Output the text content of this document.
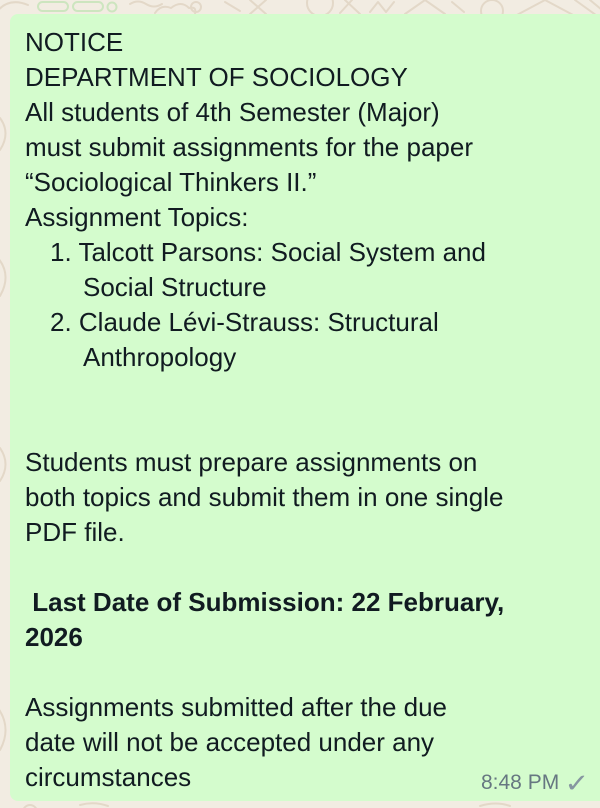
NOTICE
DEPARTMENT OF SOCIOLOGY
All students of 4th Semester (Major)
must submit assignments for the paper
“Sociological Thinkers II.”
Assignment Topics:
1. Talcott Parsons: Social System and
Social Structure
2. Claude Lévi-Strauss: Structural
Anthropology

Students must prepare assignments on
both topics and submit them in one single
PDF file.

Last Date of Submission: 22 February,
2026

Assignments submitted after the due
date will not be accepted under any
circumstances	8:48 PM ✓
